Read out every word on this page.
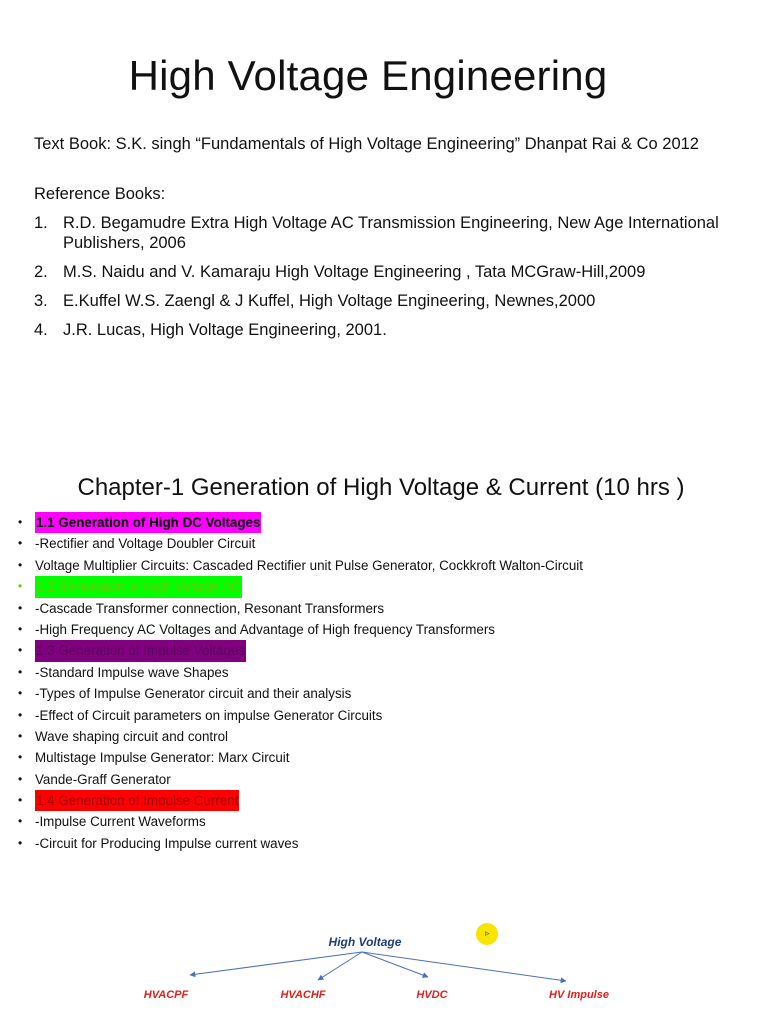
High Voltage Engineering
Text Book: S.K. singh “Fundamentals of High Voltage Engineering” Dhanpat Rai & Co 2012
Reference Books:
1. R.D. Begamudre Extra High Voltage AC Transmission Engineering, New Age International Publishers, 2006
2. M.S. Naidu and V. Kamaraju High Voltage Engineering , Tata MCGraw-Hill,2009
3. E.Kuffel W.S. Zaengl & J Kuffel, High Voltage Engineering, Newnes,2000
4. J.R. Lucas, High Voltage Engineering, 2001.
Chapter-1 Generation of High Voltage & Current (10 hrs )
•	1.1 Generation of High DC Voltages
• -Rectifier and Voltage Doubler Circuit
• Voltage Multiplier Circuits: Cascaded Rectifier unit Pulse Generator, Cockkroft Walton-Circuit
•	1.2 Generation of High Voltage AC
• -Cascade Transformer connection, Resonant Transformers
• -High Frequency AC Voltages and Advantage of High frequency Transformers
•	1.3 Generation of Impulse Voltages
• -Standard Impulse wave Shapes
• -Types of Impulse Generator circuit and their analysis
• -Effect of Circuit parameters on impulse Generator Circuits
• Wave shaping circuit and control
• Multistage Impulse Generator: Marx Circuit
• Vande-Graff Generator
•	1.4 Generation of Impulse Current
• -Impulse Current Waveforms
• -Circuit for Producing Impulse current waves
High Voltage
HVACPF	HVACHF	HVDC	HV Impulse
▹
